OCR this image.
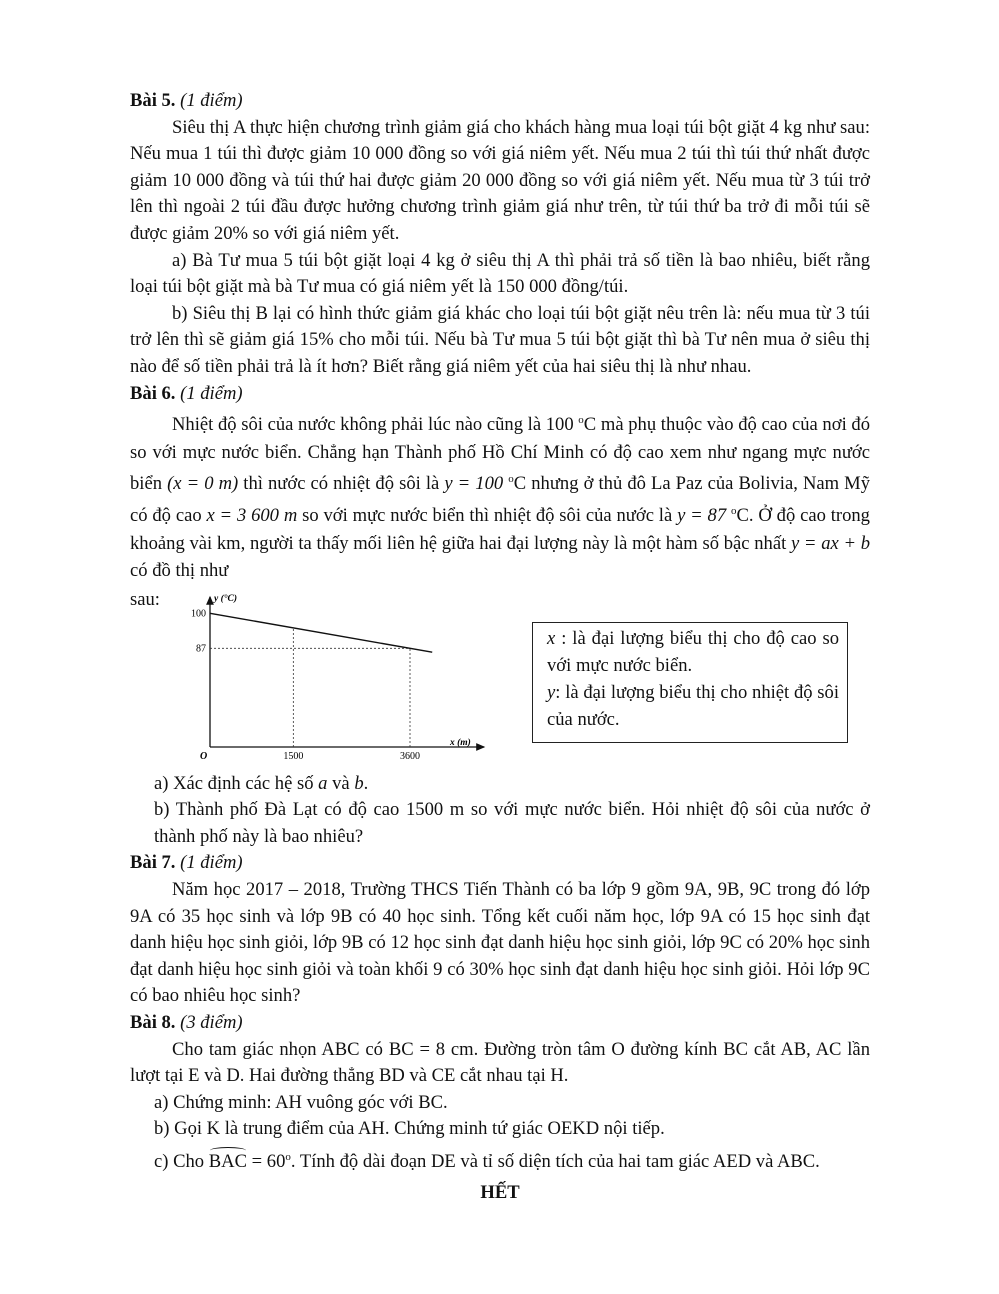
Bài 5. (1 điểm)

Siêu thị A thực hiện chương trình giảm giá cho khách hàng mua loại túi bột giặt 4 kg như sau: Nếu mua 1 túi thì được giảm 10 000 đồng so với giá niêm yết. Nếu mua 2 túi thì túi thứ nhất được giảm 10 000 đồng và túi thứ hai được giảm 20 000 đồng so với giá niêm yết. Nếu mua từ 3 túi trở lên thì ngoài 2 túi đầu được hưởng chương trình giảm giá như trên, từ túi thứ ba trở đi mỗi túi sẽ được giảm 20% so với giá niêm yết.

a) Bà Tư mua 5 túi bột giặt loại 4 kg ở siêu thị A thì phải trả số tiền là bao nhiêu, biết rằng loại túi bột giặt mà bà Tư mua có giá niêm yết là 150 000 đồng/túi.

b) Siêu thị B lại có hình thức giảm giá khác cho loại túi bột giặt nêu trên là: nếu mua từ 3 túi trở lên thì sẽ giảm giá 15% cho mỗi túi. Nếu bà Tư mua 5 túi bột giặt thì bà Tư nên mua ở siêu thị nào để số tiền phải trả là ít hơn? Biết rằng giá niêm yết của hai siêu thị là như nhau.

Bài 6. (1 điểm)

Nhiệt độ sôi của nước không phải lúc nào cũng là 100 $^o$C mà phụ thuộc vào độ cao của nơi đó so với mực nước biển. Chẳng hạn Thành phố Hồ Chí Minh có độ cao xem như ngang mực nước biển (x = 0 m) thì nước có nhiệt độ sôi là y = 100 $^o$C nhưng ở thủ đô La Paz của Bolivia, Nam Mỹ có độ cao x = 3 600 m so với mực nước biển thì nhiệt độ sôi của nước là y = 87 $^o$C. Ở độ cao trong khoảng vài km, người ta thấy mối liên hệ giữa hai đại lượng này là một hàm số bậc nhất y = ax + b có đồ thị như

sau:	y (°C)
x (m)
O
100
87
1500	3600

x : là đại lượng biểu thị cho độ cao so với mực nước biển.

y: là đại lượng biểu thị cho nhiệt độ sôi của nước.

a) Xác định các hệ số a và b.

b) Thành phố Đà Lạt có độ cao 1500 m so với mực nước biển. Hỏi nhiệt độ sôi của nước ở thành phố này là bao nhiêu?

Bài 7. (1 điểm)

Năm học 2017 – 2018, Trường THCS Tiến Thành có ba lớp 9 gồm 9A, 9B, 9C trong đó lớp 9A có 35 học sinh và lớp 9B có 40 học sinh. Tổng kết cuối năm học, lớp 9A có 15 học sinh đạt danh hiệu học sinh giỏi, lớp 9B có 12 học sinh đạt danh hiệu học sinh giỏi, lớp 9C có 20% học sinh đạt danh hiệu học sinh giỏi và toàn khối 9 có 30% học sinh đạt danh hiệu học sinh giỏi. Hỏi lớp 9C có bao nhiêu học sinh?

Bài 8. (3 điểm)

Cho tam giác nhọn ABC có BC = 8 cm. Đường tròn tâm O đường kính BC cắt AB, AC lần lượt tại E và D. Hai đường thẳng BD và CE cắt nhau tại H.

a) Chứng minh: AH vuông góc với BC.

b) Gọi K là trung điểm của AH. Chứng minh tứ giác OEKD nội tiếp.

c) Cho BAC = $60^o$. Tính độ dài đoạn DE và tỉ số diện tích của hai tam giác AED và ABC.

HẾT
